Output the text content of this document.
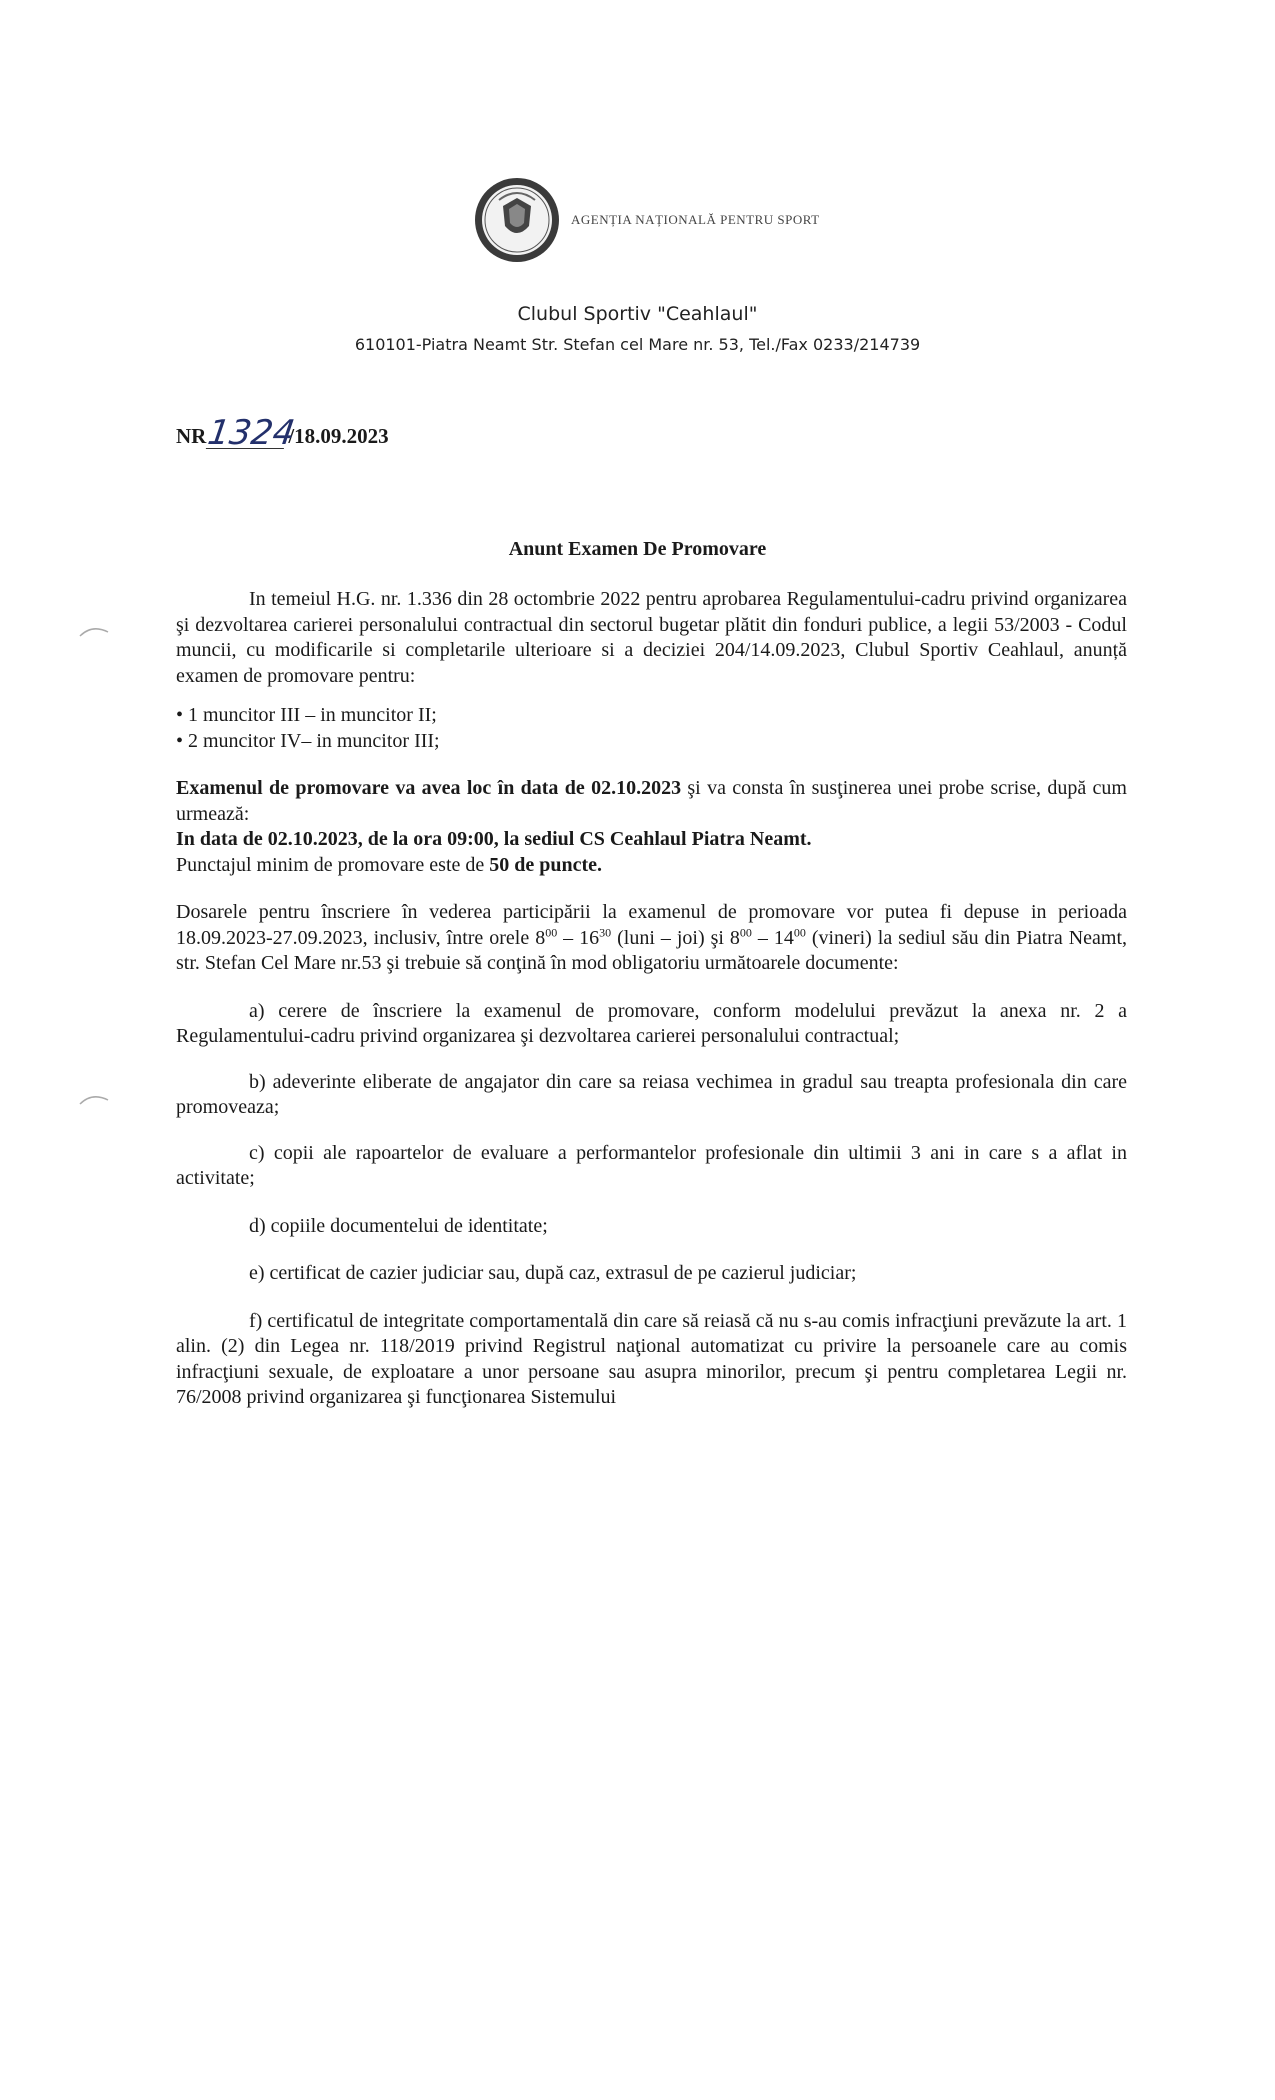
AGENȚIA NAȚIONALĂ PENTRU SPORT
Clubul Sportiv "Ceahlaul"
610101-Piatra Neamt Str. Stefan cel Mare nr. 53, Tel./Fax 0233/214739
NR 1324
/18.09.2023
Anunt Examen De Promovare

In temeiul H.G. nr. 1.336 din 28 octombrie 2022 pentru aprobarea Regulamentului-cadru privind organizarea şi dezvoltarea carierei personalului contractual din sectorul bugetar plătit din fonduri publice, a legii 53/2003 - Codul muncii, cu modificarile si completarile ulterioare si a deciziei 204/14.09.2023, Clubul Sportiv Ceahlaul, anunță examen de promovare pentru:

• 1 muncitor III – in muncitor II;
• 2 muncitor IV– in muncitor III;

Examenul de promovare va avea loc în data de 02.10.2023 şi va consta în susţinerea unei probe scrise, după cum urmează:

In data de 02.10.2023, de la ora 09:00, la sediul CS Ceahlaul Piatra Neamt.

Punctajul minim de promovare este de 50 de puncte.

Dosarele pentru înscriere în vederea participării la examenul de promovare vor putea fi depuse in perioada 18.09.2023-27.09.2023, inclusiv, între orele $8^{00} - 16^{30}$ (luni – joi) şi $8^{00} - 14^{00}$ (vineri) la sediul său din Piatra Neamt, str. Stefan Cel Mare nr.53 şi trebuie să conţină în mod obligatoriu următoarele documente:

a) cerere de înscriere la examenul de promovare, conform modelului prevăzut la anexa nr. 2 a Regulamentului-cadru privind organizarea şi dezvoltarea carierei personalului contractual;

b) adeverinte eliberate de angajator din care sa reiasa vechimea in gradul sau treapta profesionala din care promoveaza;

c) copii ale rapoartelor de evaluare a performantelor profesionale din ultimii 3 ani in care s a aflat in activitate;

d) copiile documentelui de identitate;

e) certificat de cazier judiciar sau, după caz, extrasul de pe cazierul judiciar;

f) certificatul de integritate comportamentală din care să reiasă că nu s-au comis infracţiuni prevăzute la art. 1 alin. (2) din Legea nr. 118/2019 privind Registrul naţional automatizat cu privire la persoanele care au comis infracţiuni sexuale, de exploatare a unor persoane sau asupra minorilor, precum şi pentru completarea Legii nr. 76/2008 privind organizarea şi funcţionarea Sistemului
